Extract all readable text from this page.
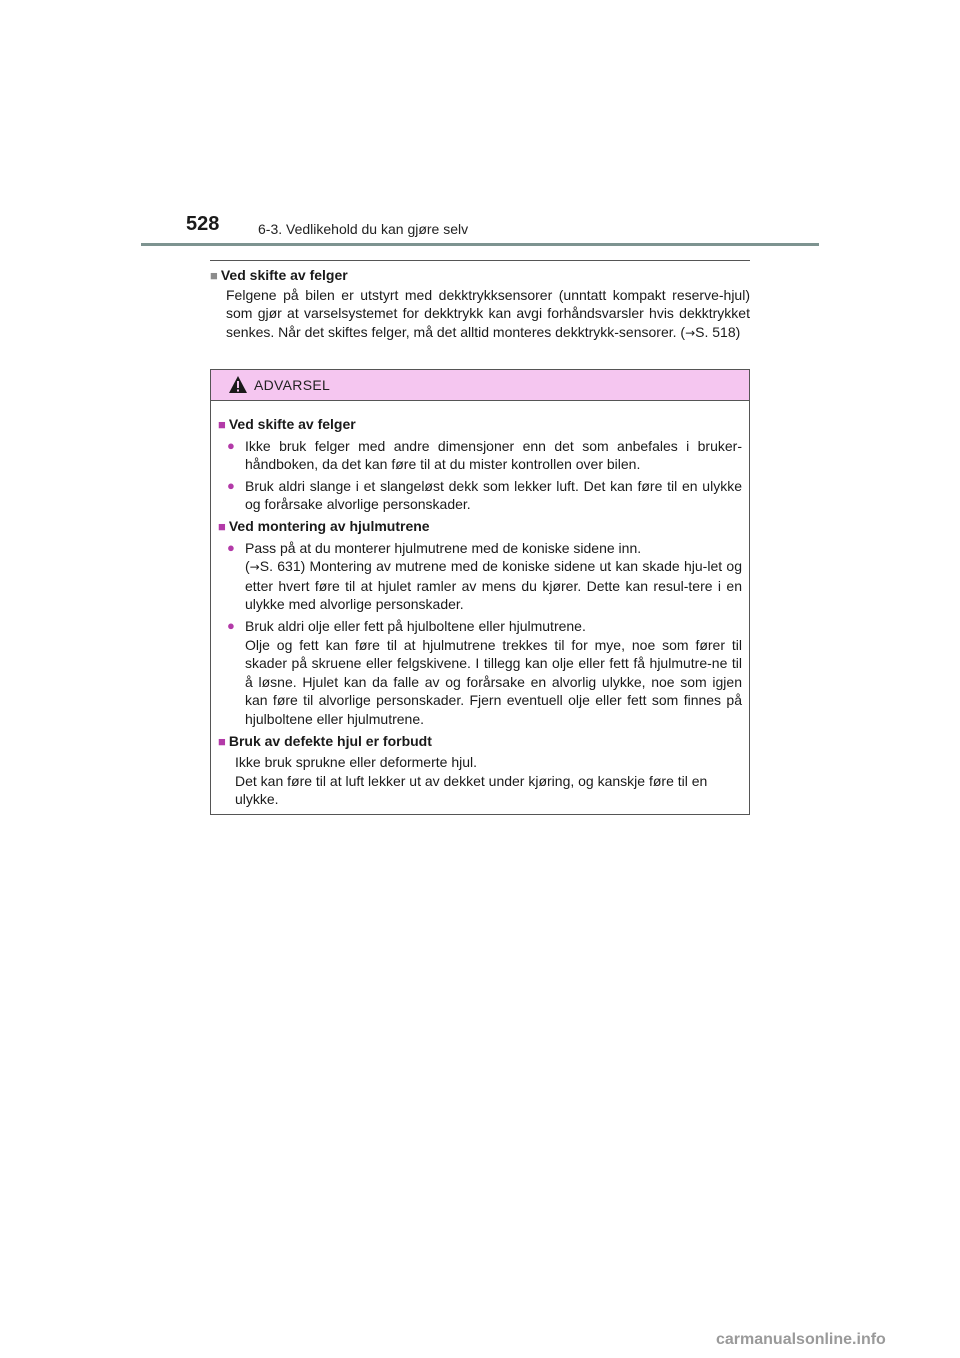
528	6-3. Vedlikehold du kan gjøre selv

■ Ved skifte av felger

Felgene på bilen er utstyrt med dekktrykksensorer (unntatt kompakt reserve-hjul) som gjør at varselsystemet for dekktrykk kan avgi forhåndsvarsler hvis dekktrykket senkes. Når det skiftes felger, må det alltid monteres dekktrykk-sensorer. (→S. 518)

ADVARSEL

■ Ved skifte av felger

● Ikke bruk felger med andre dimensjoner enn det som anbefales i bruker-håndboken, da det kan føre til at du mister kontrollen over bilen.
● Bruk aldri slange i et slangeløst dekk som lekker luft. Det kan føre til en ulykke og forårsake alvorlige personskader.

■ Ved montering av hjulmutrene

● Pass på at du monterer hjulmutrene med de koniske sidene inn.
(→S. 631) Montering av mutrene med de koniske sidene ut kan skade hju-let og etter hvert føre til at hjulet ramler av mens du kjører. Dette kan resul-tere i en ulykke med alvorlige personskader.
● Bruk aldri olje eller fett på hjulboltene eller hjulmutrene.
Olje og fett kan føre til at hjulmutrene trekkes til for mye, noe som fører til skader på skruene eller felgskivene. I tillegg kan olje eller fett få hjulmutre-ne til å løsne. Hjulet kan da falle av og forårsake en alvorlig ulykke, noe som igjen kan føre til alvorlige personskader. Fjern eventuell olje eller fett som finnes på hjulboltene eller hjulmutrene.

■ Bruk av defekte hjul er forbudt

Ikke bruk sprukne eller deformerte hjul.
Det kan føre til at luft lekker ut av dekket under kjøring, og kanskje føre til en ulykke.

carmanualsonline.info
